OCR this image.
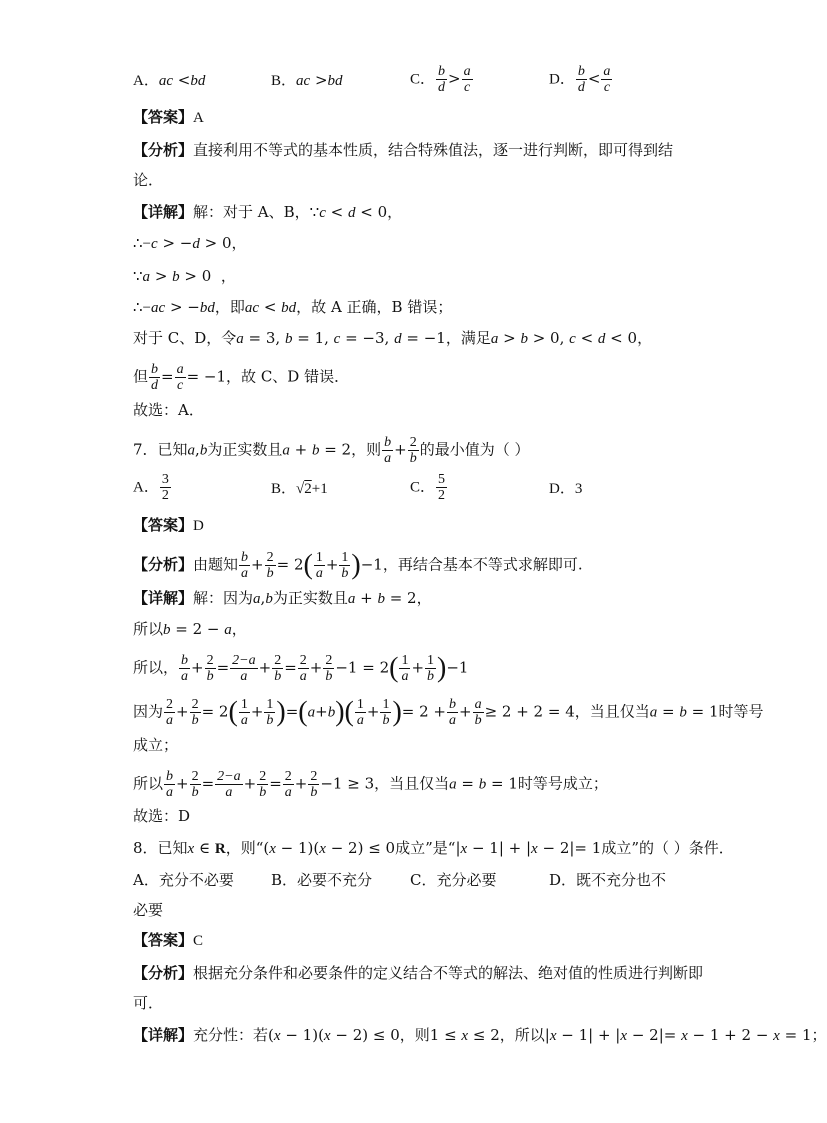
A．ac <bd	B．ac >bd	C． $\frac{b}{d} > \frac{a}{c}$	D． $\frac{b}{d} < \frac{a}{c}$
【答案】A
【分析】直接利用不等式的基本性质，结合特殊值法，逐一进行判断，即可得到结
论．
【详解】解：对于 A、B，∵c < d < 0，
∴−c > −d > 0，
∵a > b > 0  ，
∴−ac > −bd，即ac < bd，故 A 正确，B 错误；
对于 C、D，令a = 3, b = 1, c = −3, d = −1，满足a > b > 0, c < d < 0，
但 $\frac{b}{d} = \frac{a}{c} = -1$，故 C、D 错误．
故选：A．
7．已知a,b为正实数且a + b = 2，则 $\frac{b}{a} + \frac{2}{b}$ 的最小值为（ ）
A． $\frac{3}{2}$	B．√2+1	C． $\frac{5}{2}$	D．3
【答案】D
【分析】由题知 $\frac{b}{a} + \frac{2}{b} = 2( \frac{1}{a} + \frac{1}{b} )-1$，再结合基本不等式求解即可.
【详解】解：因为a,b为正实数且a + b = 2，
所以b = 2 − a，
所以， $\frac{b}{a} + \frac{2}{b} = \frac{2-a}{a} + \frac{2}{b} = \frac{2}{a} + \frac{2}{b} -1 = 2( \frac{1}{a} + \frac{1}{b} )-1$
因为 $\frac{2}{a} + \frac{2}{b} = 2( \frac{1}{a} + \frac{1}{b} )=(a+b)( \frac{1}{a} + \frac{1}{b}$ )= $2 + \frac{b}{a} + \frac{a}{b} \ge 2 + 2 = 4$，当且仅当a = b = 1时等号
成立；
所以 $\frac{b}{a} + \frac{2}{b} = \frac{2-a}{a} + \frac{2}{b} = \frac{2}{a} + \frac{2}{b} -1 \ge 3$，当且仅当a = b = 1时等号成立；
故选：D
8．已知x ∈ R，则“(x − 1)(x − 2) ≤ 0成立”是“|x − 1| + |x − 2|= 1成立”的（ ）条件．
A．充分不必要 B．必要不充分	C．充分必要	D．既不充分也不
必要
【答案】C
【分析】根据充分条件和必要条件的定义结合不等式的解法、绝对值的性质进行判断即
可．
【详解】充分性：若(x − 1)(x − 2) ≤ 0，则1 ≤ x ≤ 2，所以|x − 1| + |x − 2|= x − 1 + 2 − x = 1；
